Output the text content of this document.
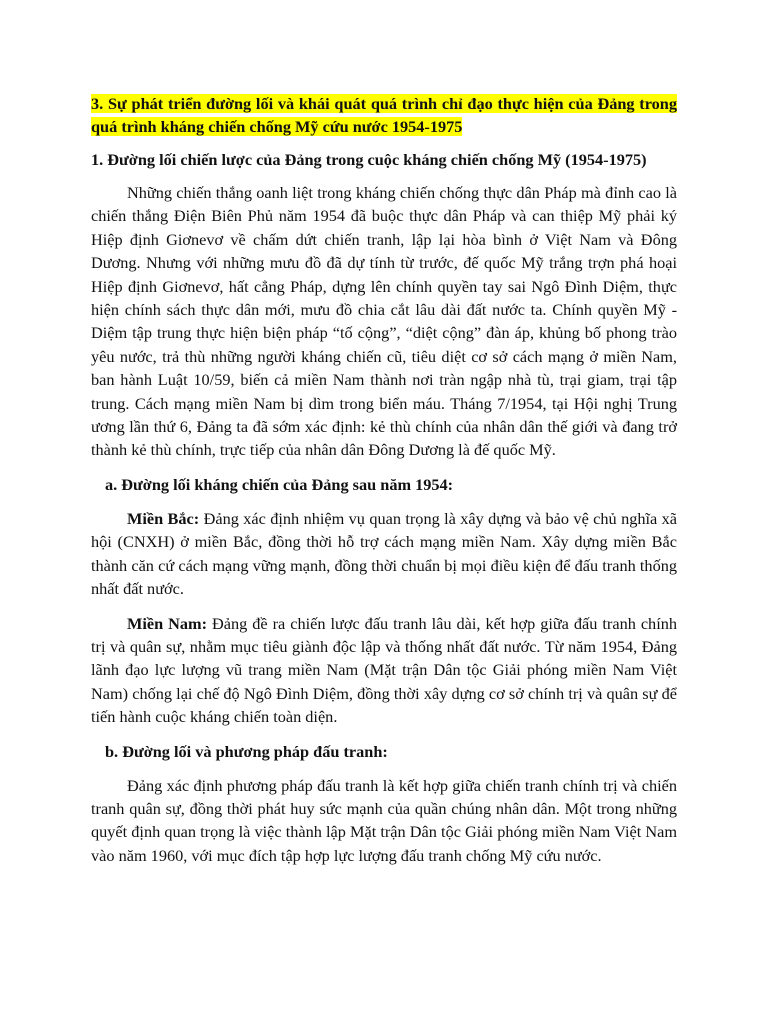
3. Sự phát triển đường lối và khái quát quá trình chỉ đạo thực hiện của Đảng trong quá trình kháng chiến chống Mỹ cứu nước 1954-1975

1. Đường lối chiến lược của Đảng trong cuộc kháng chiến chống Mỹ (1954-1975)

Những chiến thắng oanh liệt trong kháng chiến chống thực dân Pháp mà đỉnh cao là chiến thắng Điện Biên Phủ năm 1954 đã buộc thực dân Pháp và can thiệp Mỹ phải ký Hiệp định Giơnevơ về chấm dứt chiến tranh, lập lại hòa bình ở Việt Nam và Đông Dương. Nhưng với những mưu đồ đã dự tính từ trước, đế quốc Mỹ trắng trợn phá hoại Hiệp định Giơnevơ, hất cẳng Pháp, dựng lên chính quyền tay sai Ngô Đình Diệm, thực hiện chính sách thực dân mới, mưu đồ chia cắt lâu dài đất nước ta. Chính quyền Mỹ - Diệm tập trung thực hiện biện pháp “tố cộng”, “diệt cộng” đàn áp, khủng bố phong trào yêu nước, trả thù những người kháng chiến cũ, tiêu diệt cơ sở cách mạng ở miền Nam, ban hành Luật 10/59, biến cả miền Nam thành nơi tràn ngập nhà tù, trại giam, trại tập trung. Cách mạng miền Nam bị dìm trong biển máu. Tháng 7/1954, tại Hội nghị Trung ương lần thứ 6, Đảng ta đã sớm xác định: kẻ thù chính của nhân dân thế giới và đang trở thành kẻ thù chính, trực tiếp của nhân dân Đông Dương là đế quốc Mỹ.

a. Đường lối kháng chiến của Đảng sau năm 1954:

Miền Bắc: Đảng xác định nhiệm vụ quan trọng là xây dựng và bảo vệ chủ nghĩa xã hội (CNXH) ở miền Bắc, đồng thời hỗ trợ cách mạng miền Nam. Xây dựng miền Bắc thành căn cứ cách mạng vững mạnh, đồng thời chuẩn bị mọi điều kiện để đấu tranh thống nhất đất nước.

Miền Nam: Đảng đề ra chiến lược đấu tranh lâu dài, kết hợp giữa đấu tranh chính trị và quân sự, nhằm mục tiêu giành độc lập và thống nhất đất nước. Từ năm 1954, Đảng lãnh đạo lực lượng vũ trang miền Nam (Mặt trận Dân tộc Giải phóng miền Nam Việt Nam) chống lại chế độ Ngô Đình Diệm, đồng thời xây dựng cơ sở chính trị và quân sự để tiến hành cuộc kháng chiến toàn diện.

b. Đường lối và phương pháp đấu tranh:

Đảng xác định phương pháp đấu tranh là kết hợp giữa chiến tranh chính trị và chiến tranh quân sự, đồng thời phát huy sức mạnh của quần chúng nhân dân. Một trong những quyết định quan trọng là việc thành lập Mặt trận Dân tộc Giải phóng miền Nam Việt Nam vào năm 1960, với mục đích tập hợp lực lượng đấu tranh chống Mỹ cứu nước.
